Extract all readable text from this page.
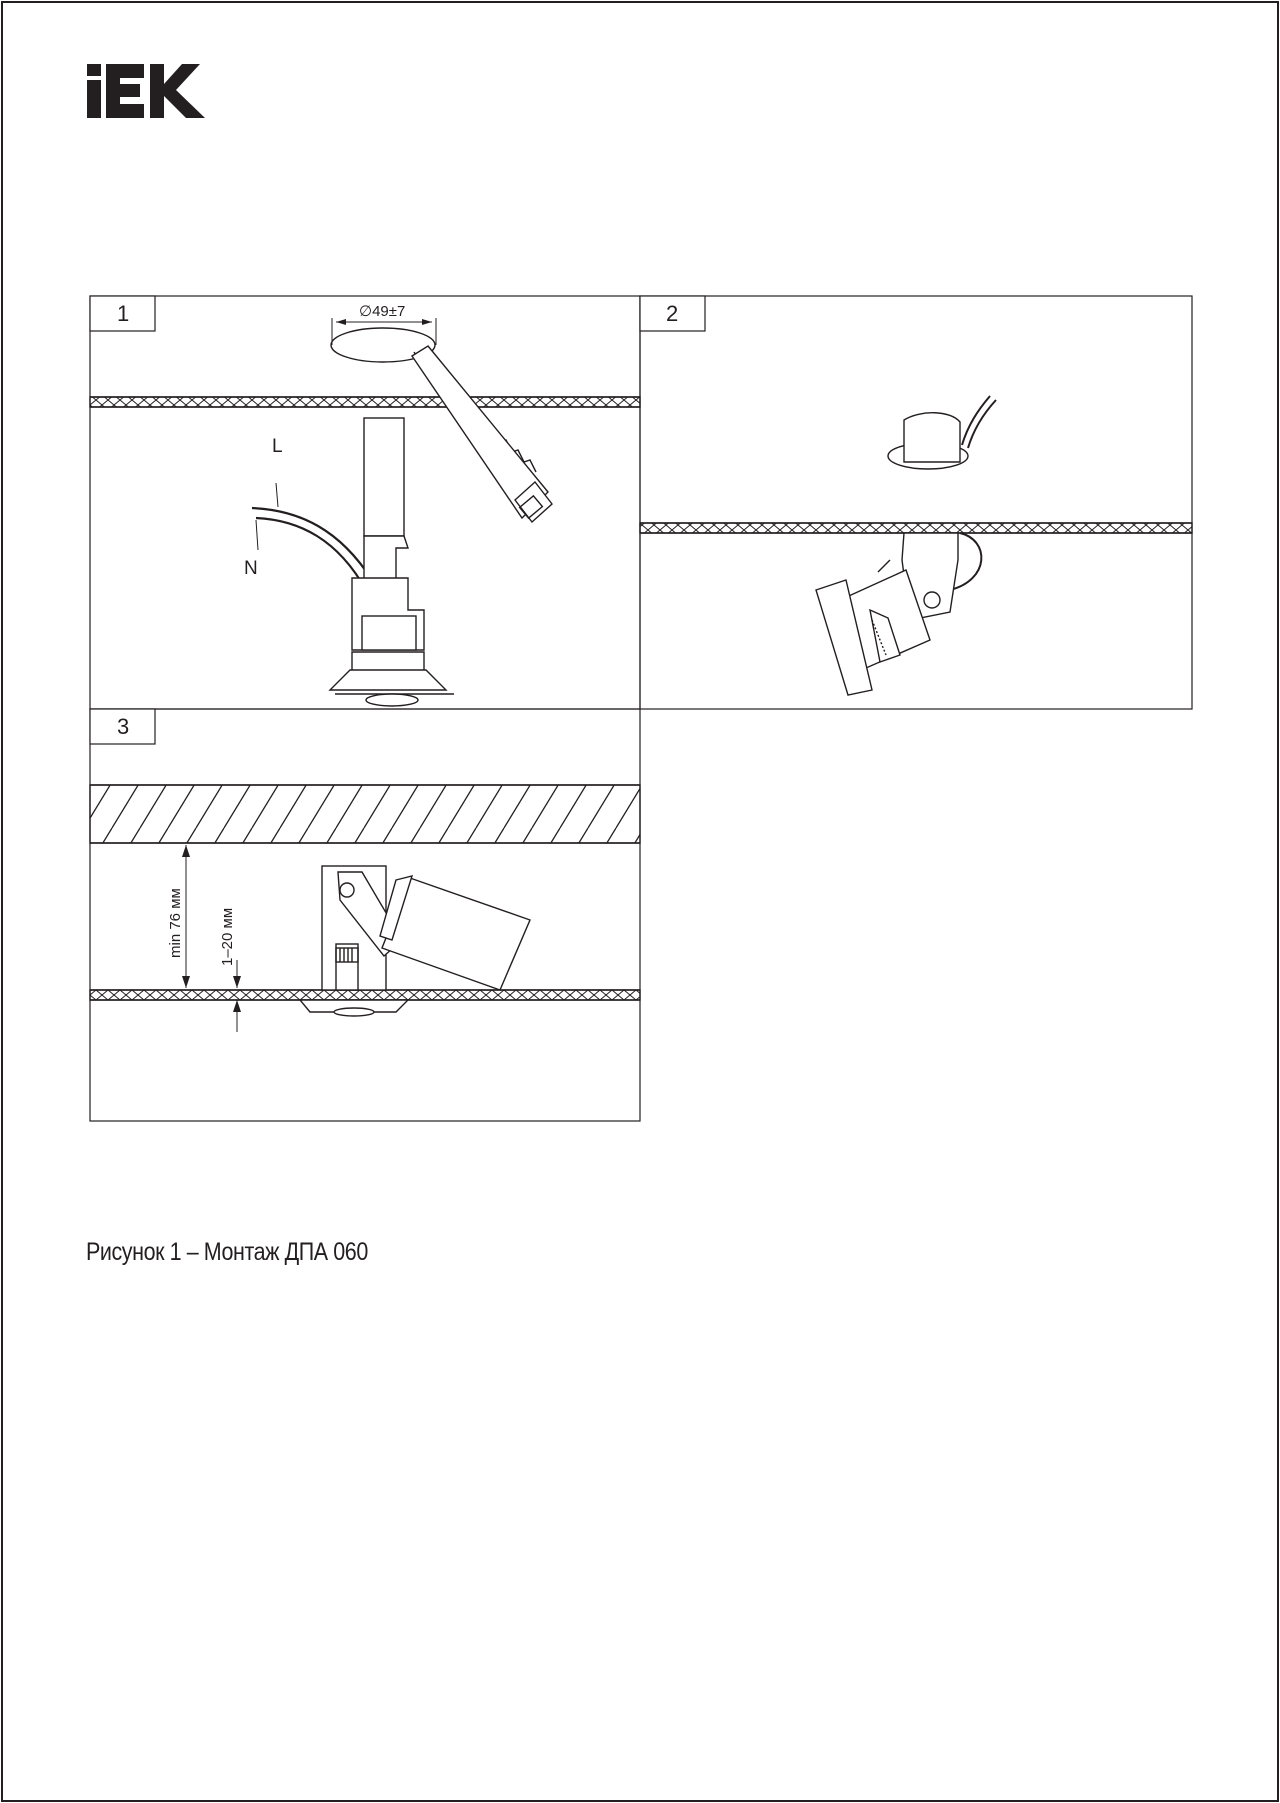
1	2
3
∅49±7
L
N
min 76 мм 1–20 мм
Рисунок 1 – Монтаж ДПА 060
